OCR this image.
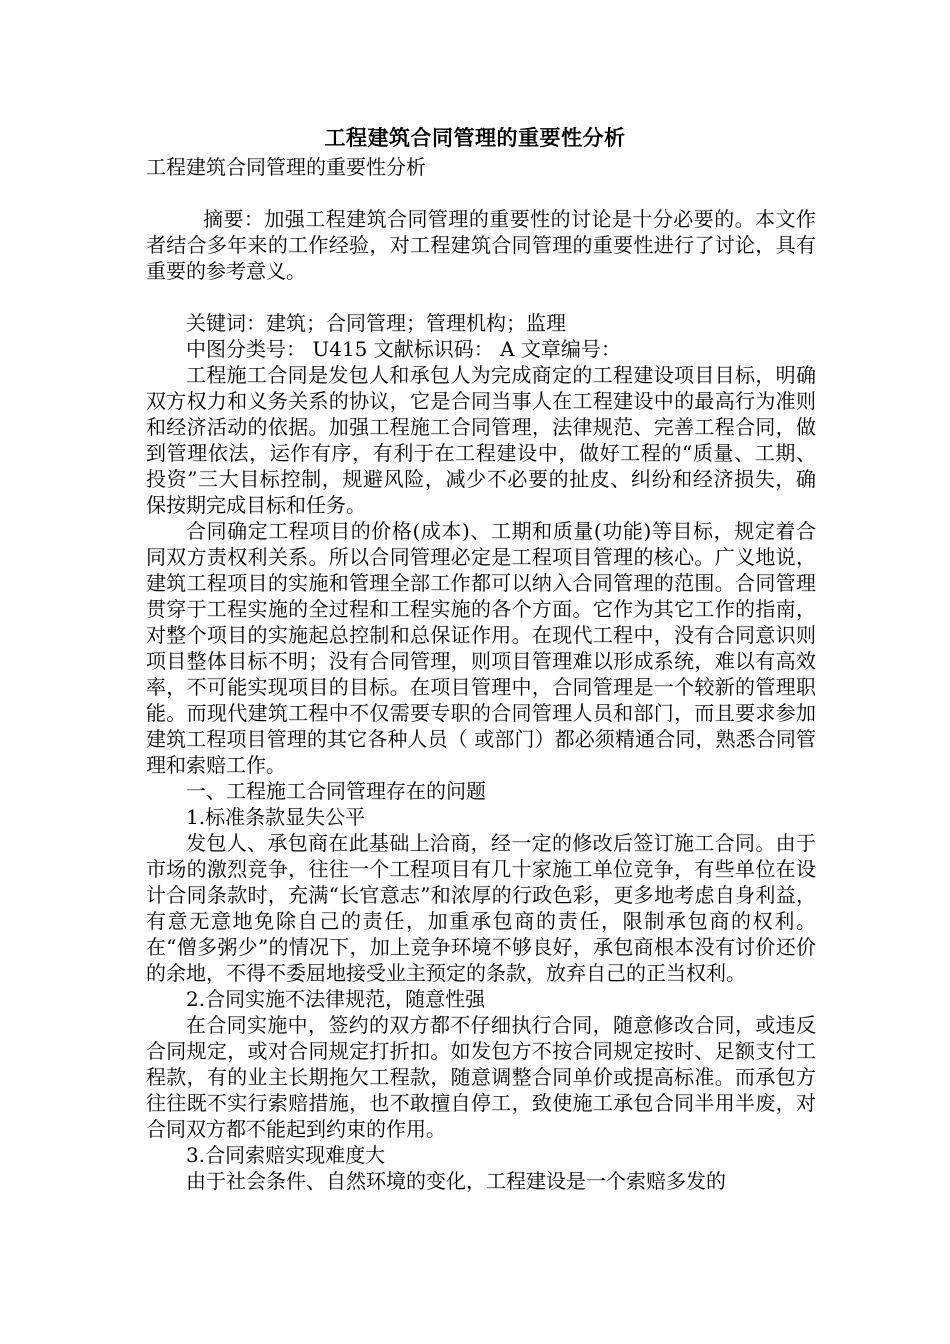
工程建筑合同管理的重要性分析

工程建筑合同管理的重要性分析

摘要：加强工程建筑合同管理的重要性的讨论是十分必要的。本文作者结合多年来的工作经验，对工程建筑合同管理的重要性进行了讨论，具有重要的参考意义。

关键词：建筑；合同管理；管理机构；监理

中图分类号： U415 文献标识码： A 文章编号：

工程施工合同是发包人和承包人为完成商定的工程建设项目目标，明确双方权力和义务关系的协议，它是合同当事人在工程建设中的最高行为准则和经济活动的依据。加强工程施工合同管理，法律规范、完善工程合同，做到管理依法，运作有序，有利于在工程建设中，做好工程的“质量、工期、投资”三大目标控制，规避风险，减少不必要的扯皮、纠纷和经济损失，确保按期完成目标和任务。

合同确定工程项目的价格(成本)、工期和质量(功能)等目标，规定着合同双方责权利关系。所以合同管理必定是工程项目管理的核心。广义地说，建筑工程项目的实施和管理全部工作都可以纳入合同管理的范围。合同管理贯穿于工程实施的全过程和工程实施的各个方面。它作为其它工作的指南，对整个项目的实施起总控制和总保证作用。在现代工程中，没有合同意识则项目整体目标不明；没有合同管理，则项目管理难以形成系统，难以有高效率，不可能实现项目的目标。在项目管理中，合同管理是一个较新的管理职能。而现代建筑工程中不仅需要专职的合同管理人员和部门，而且要求参加建筑工程项目管理的其它各种人员（ 或部门）都必须精通合同，熟悉合同管理和索赔工作。

一、工程施工合同管理存在的问题

1.标准条款显失公平

发包人、承包商在此基础上洽商，经一定的修改后签订施工合同。由于市场的激烈竞争，往往一个工程项目有几十家施工单位竞争，有些单位在设计合同条款时，充满“长官意志”和浓厚的行政色彩，更多地考虑自身利益，有意无意地免除自己的责任，加重承包商的责任，限制承包商的权利。在“僧多粥少”的情况下，加上竞争环境不够良好，承包商根本没有讨价还价的余地，不得不委屈地接受业主预定的条款，放弃自己的正当权利。

2.合同实施不法律规范，随意性强

在合同实施中，签约的双方都不仔细执行合同，随意修改合同，或违反合同规定，或对合同规定打折扣。如发包方不按合同规定按时、足额支付工程款，有的业主长期拖欠工程款，随意调整合同单价或提高标准。而承包方往往既不实行索赔措施，也不敢擅自停工，致使施工承包合同半用半废，对合同双方都不能起到约束的作用。

3.合同索赔实现难度大

由于社会条件、自然环境的变化，工程建设是一个索赔多发的
